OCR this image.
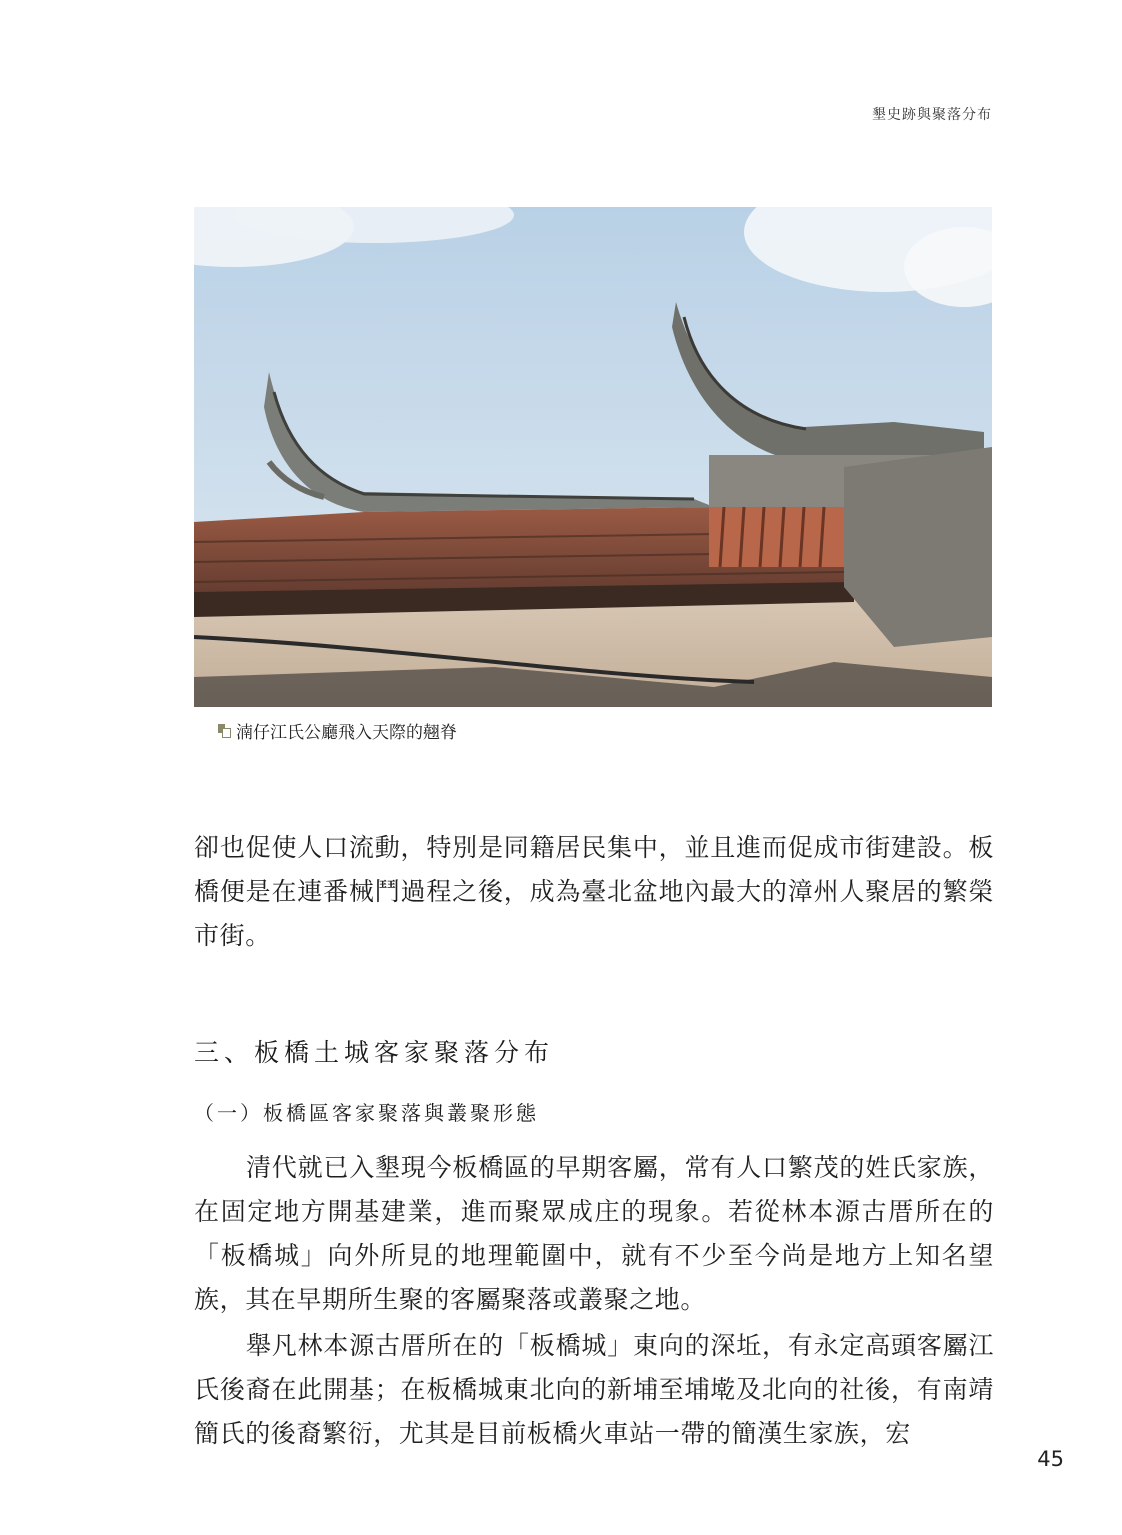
墾史跡與聚落分布
湳仔江氏公廳飛入天際的翹脊

卻也促使人口流動，特別是同籍居民集中，並且進而促成市街建設。板橋便是在連番械鬥過程之後，成為臺北盆地內最大的漳州人聚居的繁榮市街。

三、板橋土城客家聚落分布
（一）板橋區客家聚落與叢聚形態

清代就已入墾現今板橋區的早期客屬，常有人口繁茂的姓氏家族，在固定地方開基建業，進而聚眾成庄的現象。若從林本源古厝所在的「板橋城」向外所見的地理範圍中，就有不少至今尚是地方上知名望族，其在早期所生聚的客屬聚落或叢聚之地。

舉凡林本源古厝所在的「板橋城」東向的深坵，有永定高頭客屬江氏後裔在此開基；在板橋城東北向的新埔至埔墘及北向的社後，有南靖簡氏的後裔繁衍，尤其是目前板橋火車站一帶的簡漢生家族，宏

45
